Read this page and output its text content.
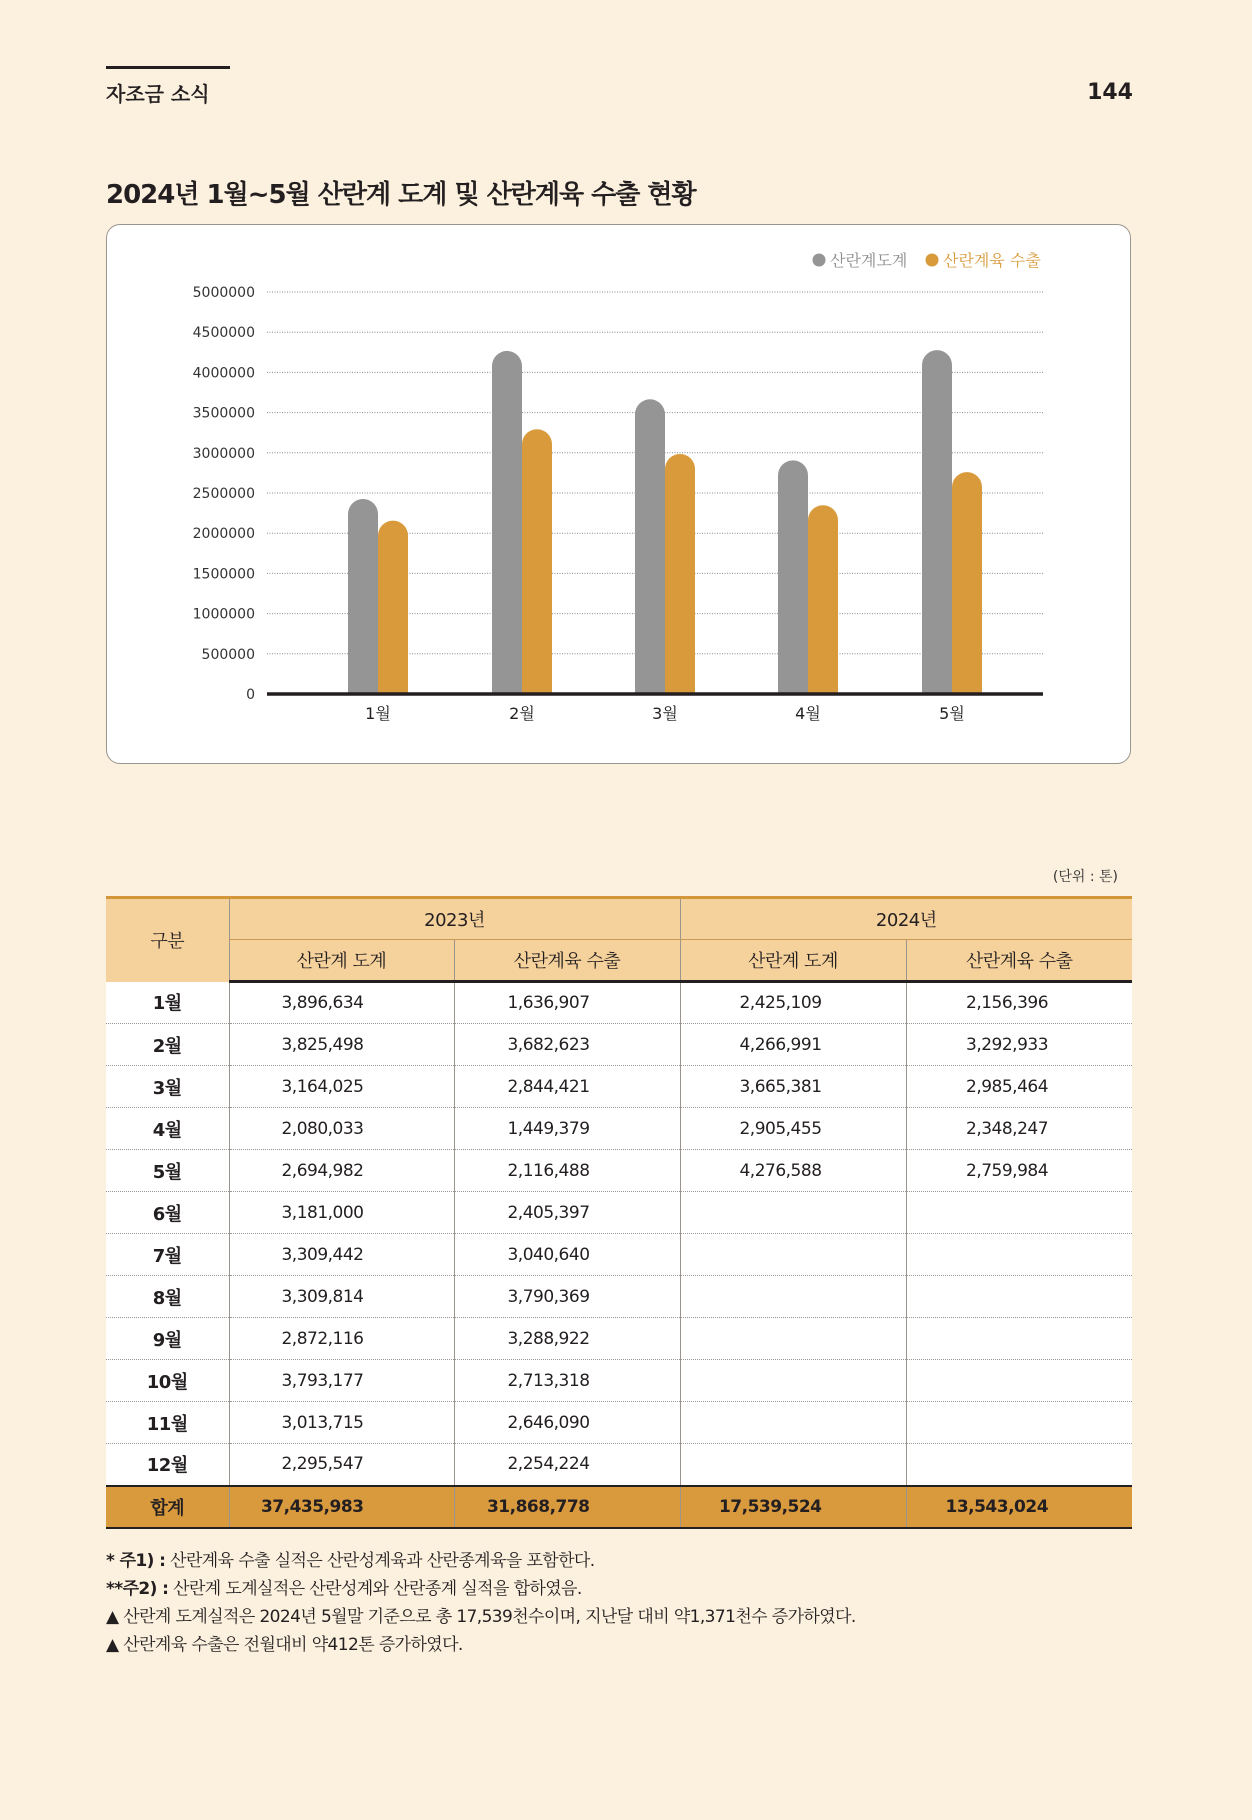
자조금 소식	144
2024년 1월~5월 산란계 도계 및 산란계육 수출 현황
0
500000
1000000
1500000
2000000
2500000
3000000
3500000
4000000
4500000
5000000
1월	2월	3월	4월	5월
산란계도계 산란계육 수출
(단위 : 톤)
구분	2023년		2024년	
	산란계 도계	산란계육 수출	산란계 도계	산란계육 수출
1월	3,896,634	1,636,907	2,425,109	2,156,396
2월	3,825,498	3,682,623	4,266,991	3,292,933
3월	3,164,025	2,844,421	3,665,381	2,985,464
4월	2,080,033	1,449,379	2,905,455	2,348,247
5월	2,694,982	2,116,488	4,276,588	2,759,984
6월	3,181,000	2,405,397		
7월	3,309,442	3,040,640		
8월	3,309,814	3,790,369		
9월	2,872,116	3,288,922		
10월	3,793,177	2,713,318		
11월	3,013,715	2,646,090		
12월	2,295,547	2,254,224		
합계	37,435,983	31,868,778	17,539,524	13,543,024
* 주1) : 산란계육 수출 실적은 산란성계육과 산란종계육을 포함한다.
**주2) : 산란계 도계실적은 산란성계와 산란종계 실적을 합하였음.
▲ 산란계 도계실적은 2024년 5월말 기준으로 총 17,539천수이며, 지난달 대비 약1,371천수 증가하였다.
▲ 산란계육 수출은 전월대비 약412톤 증가하였다.
